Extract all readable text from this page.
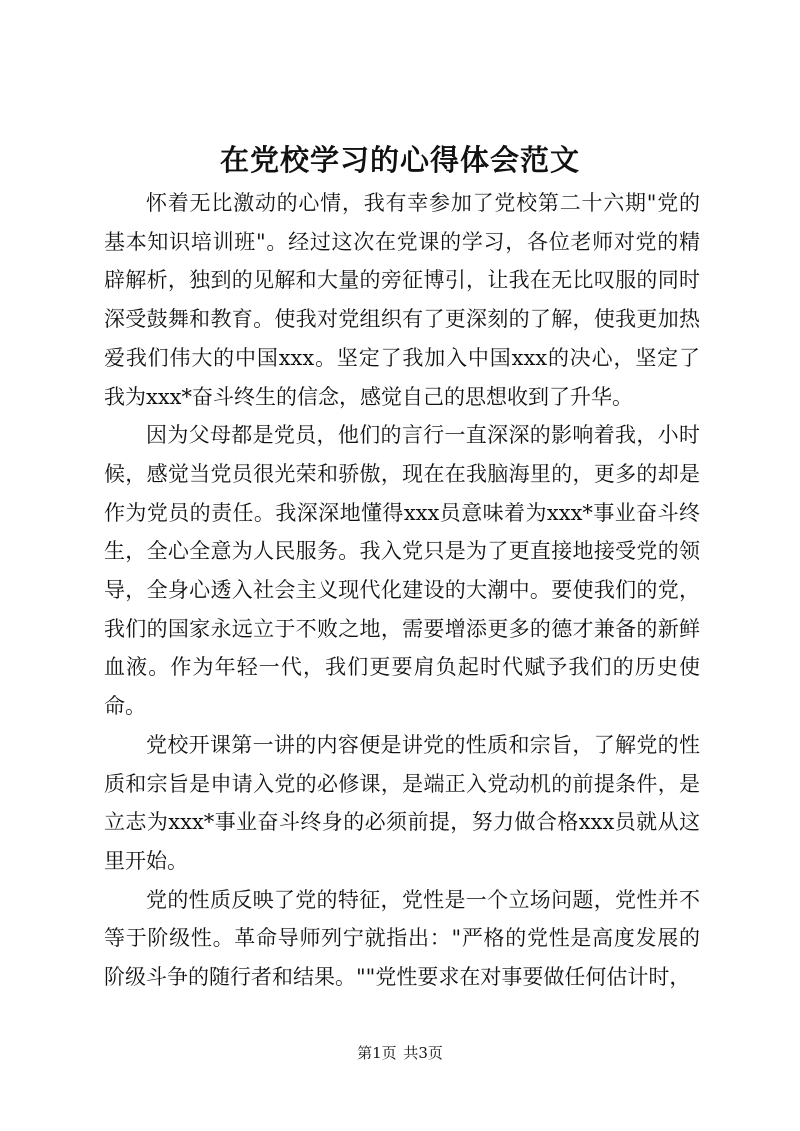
在党校学习的心得体会范文

怀着无比激动的心情，我有幸参加了党校第二十六期"党的基本知识培训班"。经过这次在党课的学习，各位老师对党的精辟解析，独到的见解和大量的旁征博引，让我在无比叹服的同时深受鼓舞和教育。使我对党组织有了更深刻的了解，使我更加热爱我们伟大的中国xxx。坚定了我加入中国xxx的决心，坚定了我为xxx*奋斗终生的信念，感觉自己的思想收到了升华。

因为父母都是党员，他们的言行一直深深的影响着我，小时候，感觉当党员很光荣和骄傲，现在在我脑海里的，更多的却是作为党员的责任。我深深地懂得xxx员意味着为xxx*事业奋斗终生，全心全意为人民服务。我入党只是为了更直接地接受党的领导，全身心透入社会主义现代化建设的大潮中。要使我们的党，我们的国家永远立于不败之地，需要增添更多的德才兼备的新鲜血液。作为年轻一代，我们更要肩负起时代赋予我们的历史使命。

党校开课第一讲的内容便是讲党的性质和宗旨，了解党的性质和宗旨是申请入党的必修课，是端正入党动机的前提条件，是立志为xxx*事业奋斗终身的必须前提，努力做合格xxx员就从这里开始。

党的性质反映了党的特征，党性是一个立场问题，党性并不等于阶级性。革命导师列宁就指出："严格的党性是高度发展的阶级斗争的随行者和结果。""党性要求在对事要做任何估计时，

第1页 共3页
